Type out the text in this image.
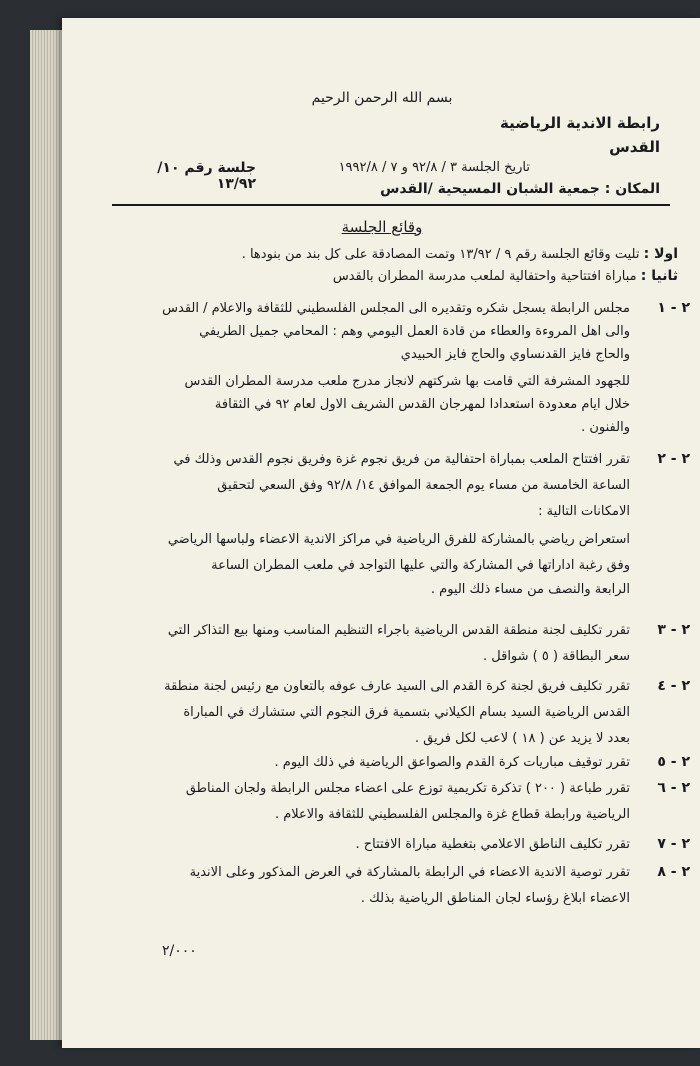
بسم الله الرحمن الرحيم
رابطة الاندية الرياضية
القدس
تاريخ الجلسة ٣ / ٩٢/٨ و ٧ / ١٩٩٢/٨
جلسة رقم ١٠/ ١٣/٩٢	المكان : جمعية الشبان المسيحية /القدس
وقائع الجلسة
اولا : تليت وقائع الجلسة رقم ٩ / ١٣/٩٢ وتمت المصادقة على كل بند من بنودها .
ثانيا : مباراة افتتاحية واحتفالية لملعب مدرسة المطران بالقدس
٢ - ١
مجلس الرابطة يسجل شكره وتقديره الى المجلس الفلسطيني للثقافة والاعلام / القدس
والى اهل المروءة والعطاء من قادة العمل اليومي وهم : المحامي جميل الطريفي
والحاج فايز القدنساوي والحاج فايز الحبيدي
للجهود المشرفة التي قامت بها شركتهم لانجاز مدرج ملعب مدرسة المطران القدس
خلال ايام معدودة استعدادا لمهرجان القدس الشريف الاول لعام ٩٢ في الثقافة
والفنون .
٢ - ٢
تقرر افتتاح الملعب بمباراة احتفالية من فريق نجوم غزة وفريق نجوم القدس وذلك في
الساعة الخامسة من مساء يوم الجمعة الموافق ١٤/ ٩٢/٨ وفق السعي لتحقيق
الامكانات التالية :
استعراض رياضي بالمشاركة للفرق الرياضية في مراكز الاندية الاعضاء ولباسها الرياضي
وفق رغبة اداراتها في المشاركة والتي عليها التواجد في ملعب المطران الساعة
الرابعة والنصف من مساء ذلك اليوم .
٢ - ٣
تقرر تكليف لجنة منطقة القدس الرياضية باجراء التنظيم المناسب ومنها بيع التذاكر التي
سعر البطاقة ( ٥ ) شواقل .
٢ - ٤
تقرر تكليف فريق لجنة كرة القدم الى السيد عارف عوفه بالتعاون مع رئيس لجنة منطقة
القدس الرياضية السيد بسام الكيلاني بتسمية فرق النجوم التي ستشارك في المباراة
بعدد لا يزيد عن ( ١٨ ) لاعب لكل فريق .
٢ - ٥
تقرر توقيف مباريات كرة القدم والصواعق الرياضية في ذلك اليوم .
٢ - ٦
تقرر طباعة ( ٢٠٠ ) تذكرة تكريمية توزع على اعضاء مجلس الرابطة ولجان المناطق
الرياضية ورابطة قطاع غزة والمجلس الفلسطيني للثقافة والاعلام .
٢ - ٧
تقرر تكليف الناطق الاعلامي بتغطية مباراة الافتتاح .
٢ - ٨
تقرر توصية الاندية الاعضاء في الرابطة بالمشاركة في العرض المذكور وعلى الاندية
الاعضاء ابلاغ رؤساء لجان المناطق الرياضية بذلك .
٢/٠٠٠
